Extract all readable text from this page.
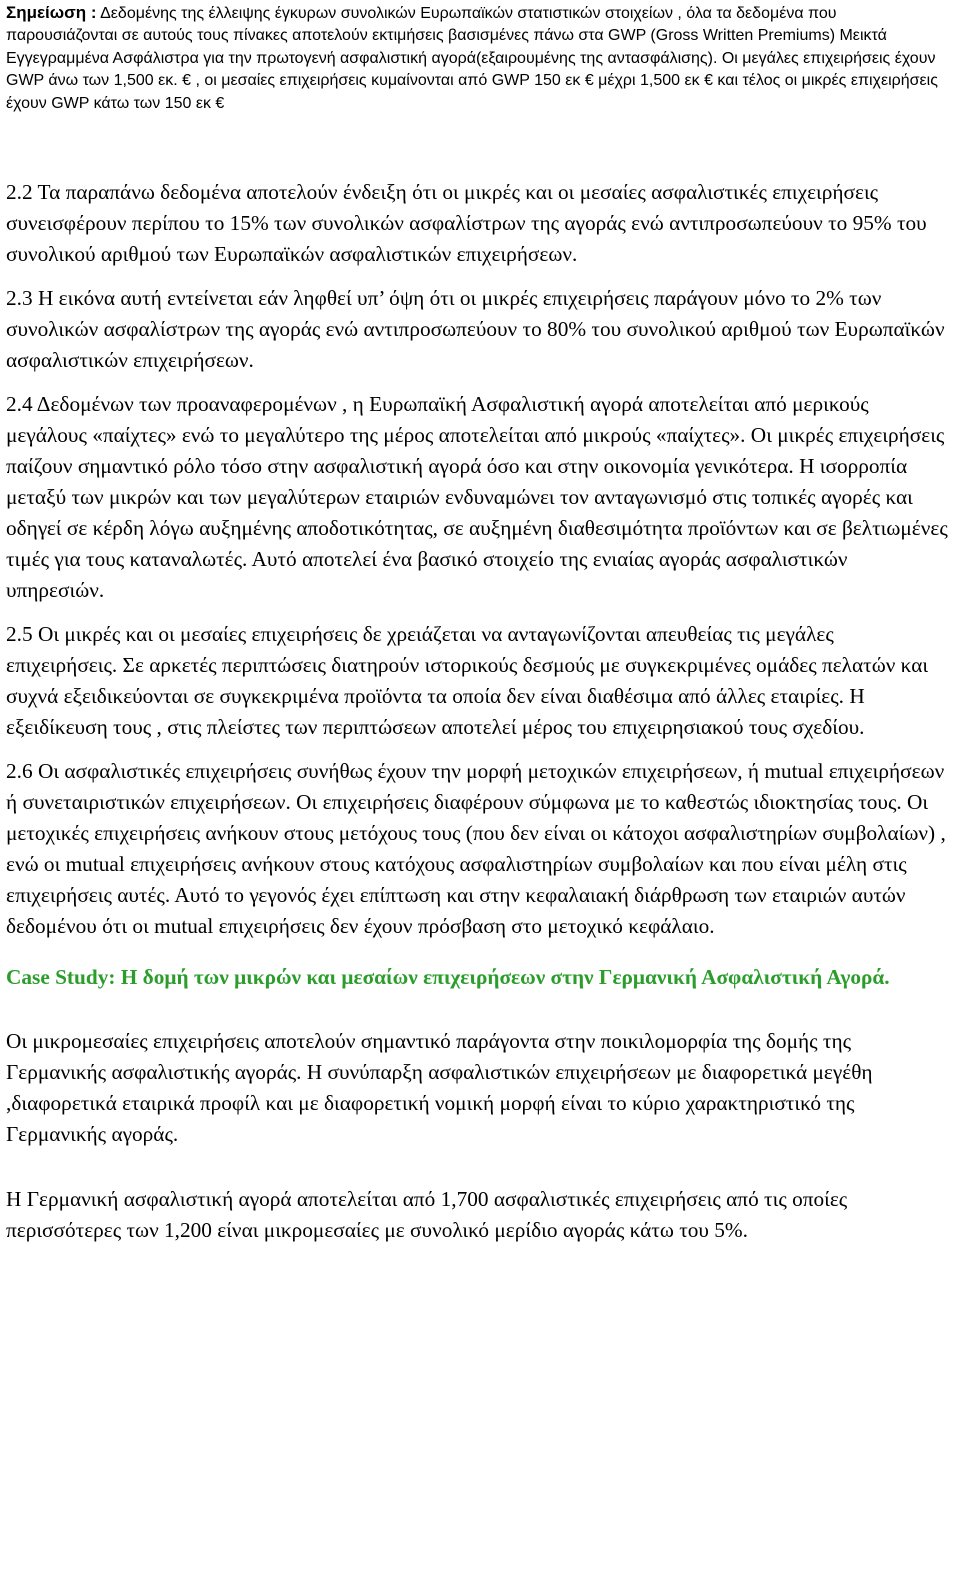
Σημείωση : Δεδομένης της έλλειψης έγκυρων συνολικών Ευρωπαϊκών στατιστικών στοιχείων , όλα τα δεδομένα που παρουσιάζονται σε αυτούς τους πίνακες αποτελούν εκτιμήσεις βασισμένες πάνω στα GWP (Gross Written Premiums) Μεικτά Εγγεγραμμένα Ασφάλιστρα για την πρωτογενή ασφαλιστική αγορά(εξαιρουμένης της αντασφάλισης). Οι μεγάλες επιχειρήσεις έχουν GWP άνω των 1,500 εκ. € , οι μεσαίες επιχειρήσεις κυμαίνονται από GWP 150 εκ € μέχρι 1,500 εκ € και τέλος οι μικρές επιχειρήσεις έχουν GWP κάτω των 150 εκ €

2.2 Τα παραπάνω δεδομένα αποτελούν ένδειξη ότι οι μικρές και οι μεσαίες ασφαλιστικές επιχειρήσεις συνεισφέρουν περίπου το 15% των συνολικών ασφαλίστρων της αγοράς ενώ αντιπροσωπεύουν το 95% του συνολικού αριθμού των Ευρωπαϊκών ασφαλιστικών επιχειρήσεων.

2.3 Η εικόνα αυτή εντείνεται εάν ληφθεί υπ’ όψη ότι οι μικρές επιχειρήσεις παράγουν μόνο το 2% των συνολικών ασφαλίστρων της αγοράς ενώ αντιπροσωπεύουν το 80% του συνολικού αριθμού των Ευρωπαϊκών ασφαλιστικών επιχειρήσεων.

2.4 Δεδομένων των προαναφερομένων , η Ευρωπαϊκή Ασφαλιστική αγορά αποτελείται από μερικούς μεγάλους «παίχτες» ενώ το μεγαλύτερο της μέρος αποτελείται από μικρούς «παίχτες». Οι μικρές επιχειρήσεις παίζουν σημαντικό ρόλο τόσο στην ασφαλιστική αγορά όσο και στην οικονομία γενικότερα. Η ισορροπία μεταξύ των μικρών και των μεγαλύτερων εταιριών ενδυναμώνει τον ανταγωνισμό στις τοπικές αγορές και οδηγεί σε κέρδη λόγω αυξημένης αποδοτικότητας, σε αυξημένη διαθεσιμότητα προϊόντων και σε βελτιωμένες τιμές για τους καταναλωτές. Αυτό αποτελεί ένα βασικό στοιχείο της ενιαίας αγοράς ασφαλιστικών υπηρεσιών.

2.5 Οι μικρές και οι μεσαίες επιχειρήσεις δε χρειάζεται να ανταγωνίζονται απευθείας τις μεγάλες επιχειρήσεις. Σε αρκετές περιπτώσεις διατηρούν ιστορικούς δεσμούς με συγκεκριμένες ομάδες πελατών και συχνά εξειδικεύονται σε συγκεκριμένα προϊόντα τα οποία δεν είναι διαθέσιμα από άλλες εταιρίες. Η εξειδίκευση τους , στις πλείστες των περιπτώσεων αποτελεί μέρος του επιχειρησιακού τους σχεδίου.

2.6 Οι ασφαλιστικές επιχειρήσεις συνήθως έχουν την μορφή μετοχικών επιχειρήσεων, ή mutual επιχειρήσεων ή συνεταιριστικών επιχειρήσεων. Οι επιχειρήσεις διαφέρουν σύμφωνα με το καθεστώς ιδιοκτησίας τους. Οι μετοχικές επιχειρήσεις ανήκουν στους μετόχους τους (που δεν είναι οι κάτοχοι ασφαλιστηρίων συμβολαίων) , ενώ οι mutual επιχειρήσεις ανήκουν στους κατόχους ασφαλιστηρίων συμβολαίων και που είναι μέλη στις επιχειρήσεις αυτές. Αυτό το γεγονός έχει επίπτωση και στην κεφαλαιακή διάρθρωση των εταιριών αυτών δεδομένου ότι οι mutual επιχειρήσεις δεν έχουν πρόσβαση στο μετοχικό κεφάλαιο.

Case Study: Η δομή των μικρών και μεσαίων επιχειρήσεων στην Γερμανική Ασφαλιστική Αγορά.

Οι μικρομεσαίες επιχειρήσεις αποτελούν σημαντικό παράγοντα στην ποικιλομορφία της δομής της Γερμανικής ασφαλιστικής αγοράς. Η συνύπαρξη ασφαλιστικών επιχειρήσεων με διαφορετικά μεγέθη ,διαφορετικά εταιρικά προφίλ και με διαφορετική νομική μορφή είναι το κύριο χαρακτηριστικό της Γερμανικής αγοράς.

Η Γερμανική ασφαλιστική αγορά αποτελείται από 1,700 ασφαλιστικές επιχειρήσεις από τις οποίες περισσότερες των 1,200 είναι μικρομεσαίες με συνολικό μερίδιο αγοράς κάτω του 5%.
